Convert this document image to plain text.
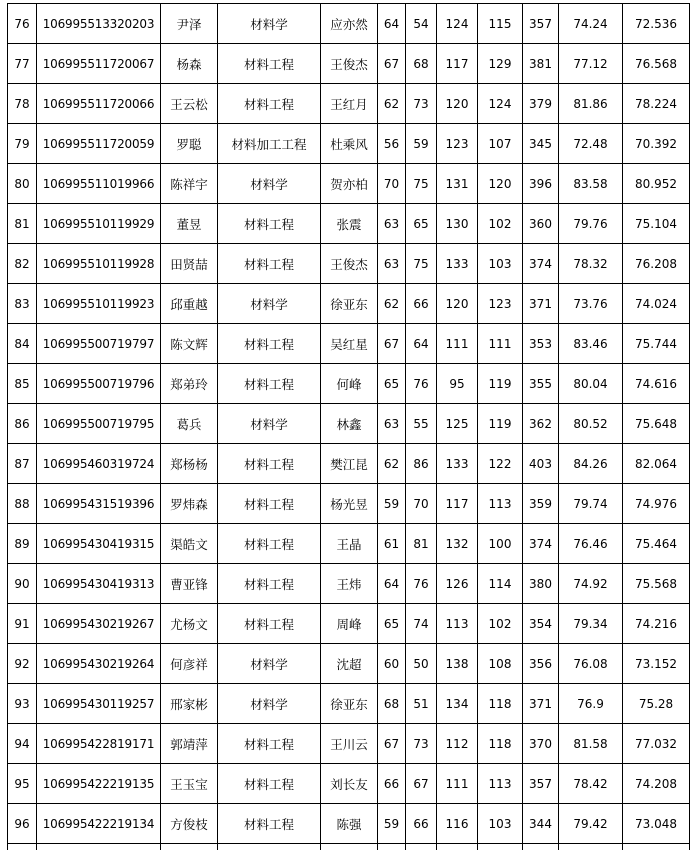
76	106995513320203	尹泽	材料学	应亦然	64	54	124	115	357	74.24	72.536
77	106995511720067	杨森	材料工程	王俊杰	67	68	117	129	381	77.12	76.568
78	106995511720066	王云松	材料工程	王红月	62	73	120	124	379	81.86	78.224
79	106995511720059	罗聪	材料加工工程	杜乘风	56	59	123	107	345	72.48	70.392
80	106995511019966	陈祥宇	材料学	贺亦柏	70	75	131	120	396	83.58	80.952
81	106995510119929	董昱	材料工程	张震	63	65	130	102	360	79.76	75.104
82	106995510119928	田贤喆	材料工程	王俊杰	63	75	133	103	374	78.32	76.208
83	106995510119923	邱重越	材料学	徐亚东	62	66	120	123	371	73.76	74.024
84	106995500719797	陈文辉	材料工程	吴红星	67	64	111	111	353	83.46	75.744
85	106995500719796	郑弟玲	材料工程	何峰	65	76	95	119	355	80.04	74.616
86	106995500719795	葛兵	材料学	林鑫	63	55	125	119	362	80.52	75.648
87	106995460319724	郑杨杨	材料工程	樊江昆	62	86	133	122	403	84.26	82.064
88	106995431519396	罗炜森	材料工程	杨光昱	59	70	117	113	359	79.74	74.976
89	106995430419315	渠皓文	材料工程	王晶	61	81	132	100	374	76.46	75.464
90	106995430419313	曹亚锋	材料工程	王炜	64	76	126	114	380	74.92	75.568
91	106995430219267	尤杨文	材料工程	周峰	65	74	113	102	354	79.34	74.216
92	106995430219264	何彦祥	材料学	沈超	60	50	138	108	356	76.08	73.152
93	106995430119257	邢家彬	材料学	徐亚东	68	51	134	118	371	76.9	75.28
94	106995422819171	郭靖萍	材料工程	王川云	67	73	112	118	370	81.58	77.032
95	106995422219135	王玉宝	材料工程	刘长友	66	67	111	113	357	78.42	74.208
96	106995422219134	方俊枝	材料工程	陈强	59	66	116	103	344	79.42	73.048
